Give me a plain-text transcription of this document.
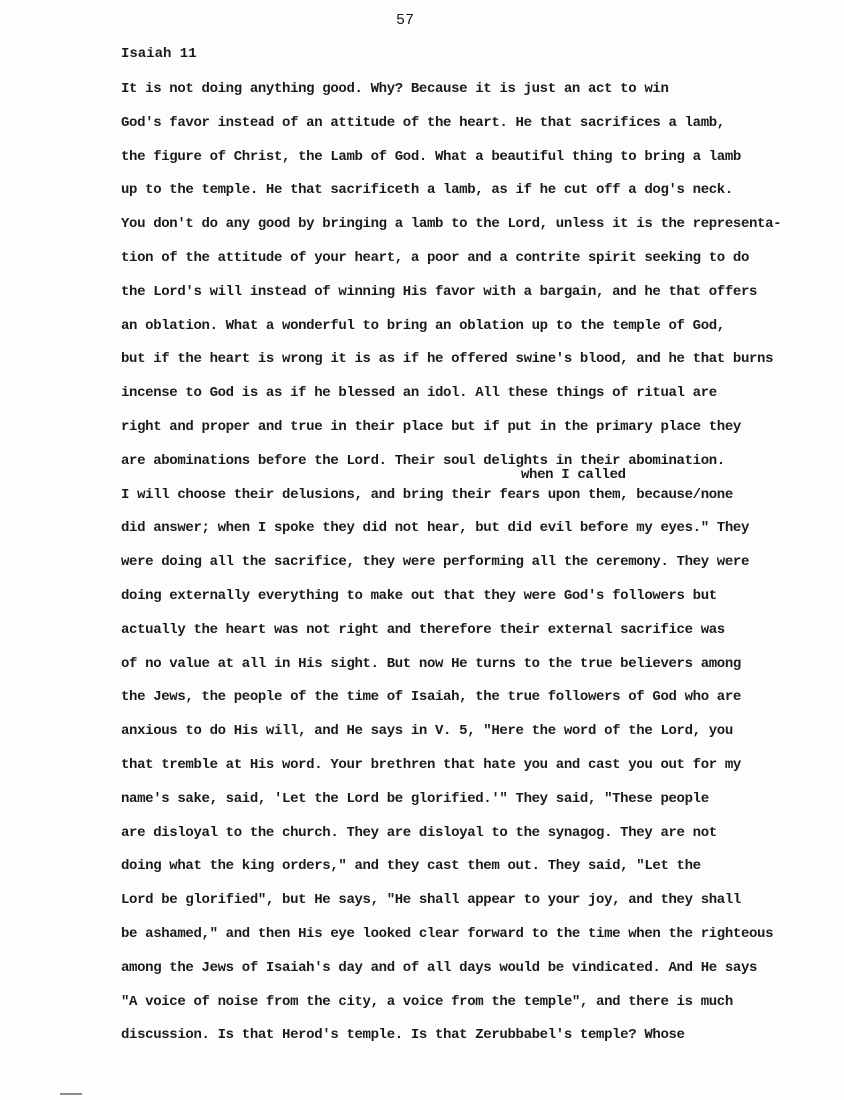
57
Isaiah 11
when I called
It is not doing anything good. Why? Because it is just an act to win
God's favor instead of an attitude of the heart. He that sacrifices a lamb,
the figure of Christ, the Lamb of God. What a beautiful thing to bring a lamb
up to the temple. He that sacrificeth a lamb, as if he cut off a dog's neck.
You don't do any good by bringing a lamb to the Lord, unless it is the representa-
tion of the attitude of your heart, a poor and a contrite spirit seeking to do
the Lord's will instead of winning His favor with a bargain, and he that offers
an oblation. What a wonderful to bring an oblation up to the temple of God,
but if the heart is wrong it is as if he offered swine's blood, and he that burns
incense to God is as if he blessed an idol. All these things of ritual are
right and proper and true in their place but if put in the primary place they
are abominations before the Lord. Their soul delights in their abomination.
I will choose their delusions, and bring their fears upon them, because/none
did answer; when I spoke they did not hear, but did evil before my eyes." They
were doing all the sacrifice, they were performing all the ceremony. They were
doing externally everything to make out that they were God's followers but
actually the heart was not right and therefore their external sacrifice was
of no value at all in His sight. But now He turns to the true believers among
the Jews, the people of the time of Isaiah, the true followers of God who are
anxious to do His will, and He says in V. 5, "Here the word of the Lord, you
that tremble at His word. Your brethren that hate you and cast you out for my
name's sake, said, 'Let the Lord be glorified.'" They said, "These people
are disloyal to the church. They are disloyal to the synagog. They are not
doing what the king orders," and they cast them out. They said, "Let the
Lord be glorified", but He says, "He shall appear to your joy, and they shall
be ashamed," and then His eye looked clear forward to the time when the righteous
among the Jews of Isaiah's day and of all days would be vindicated. And He says
"A voice of noise from the city, a voice from the temple", and there is much
discussion. Is that Herod's temple. Is that Zerubbabel's temple? Whose
